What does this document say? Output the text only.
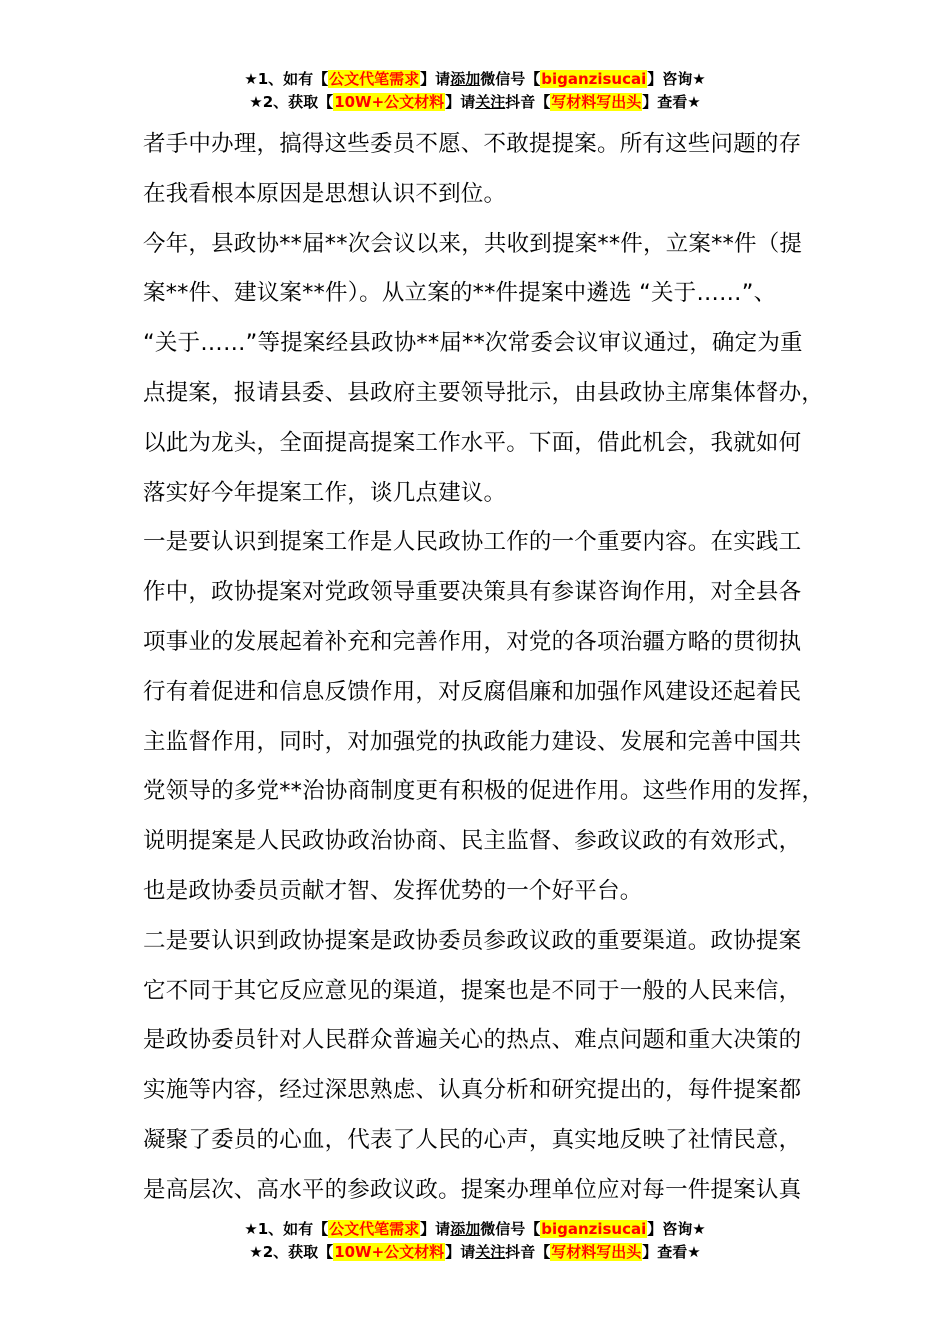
★1、如有【公文代笔需求】请添加微信号【biganzisucai】咨询★
★2、获取【10W+公文材料】请关注抖音【写材料写出头】查看★
者手中办理，搞得这些委员不愿、不敢提提案。所有这些问题的存
在我看根本原因是思想认识不到位。
今年，县政协**届**次会议以来，共收到提案**件，立案**件（提
案**件、建议案**件）。从立案的**件提案中遴选 “关于……”、
“关于……”等提案经县政协**届**次常委会议审议通过，确定为重
点提案，报请县委、县政府主要领导批示，由县政协主席集体督办，
以此为龙头，全面提高提案工作水平。下面，借此机会，我就如何
落实好今年提案工作，谈几点建议。
一是要认识到提案工作是人民政协工作的一个重要内容。在实践工
作中，政协提案对党政领导重要决策具有参谋咨询作用，对全县各
项事业的发展起着补充和完善作用，对党的各项治疆方略的贯彻执
行有着促进和信息反馈作用，对反腐倡廉和加强作风建设还起着民
主监督作用，同时，对加强党的执政能力建设、发展和完善中国共
党领导的多党**治协商制度更有积极的促进作用。这些作用的发挥，
说明提案是人民政协政治协商、民主监督、参政议政的有效形式，
也是政协委员贡献才智、发挥优势的一个好平台。
二是要认识到政协提案是政协委员参政议政的重要渠道。政协提案
它不同于其它反应意见的渠道，提案也是不同于一般的人民来信，
是政协委员针对人民群众普遍关心的热点、难点问题和重大决策的
实施等内容，经过深思熟虑、认真分析和研究提出的，每件提案都
凝聚了委员的心血，代表了人民的心声，真实地反映了社情民意，
是高层次、高水平的参政议政。提案办理单位应对每一件提案认真
★1、如有【公文代笔需求】请添加微信号【biganzisucai】咨询★
★2、获取【10W+公文材料】请关注抖音【写材料写出头】查看★
